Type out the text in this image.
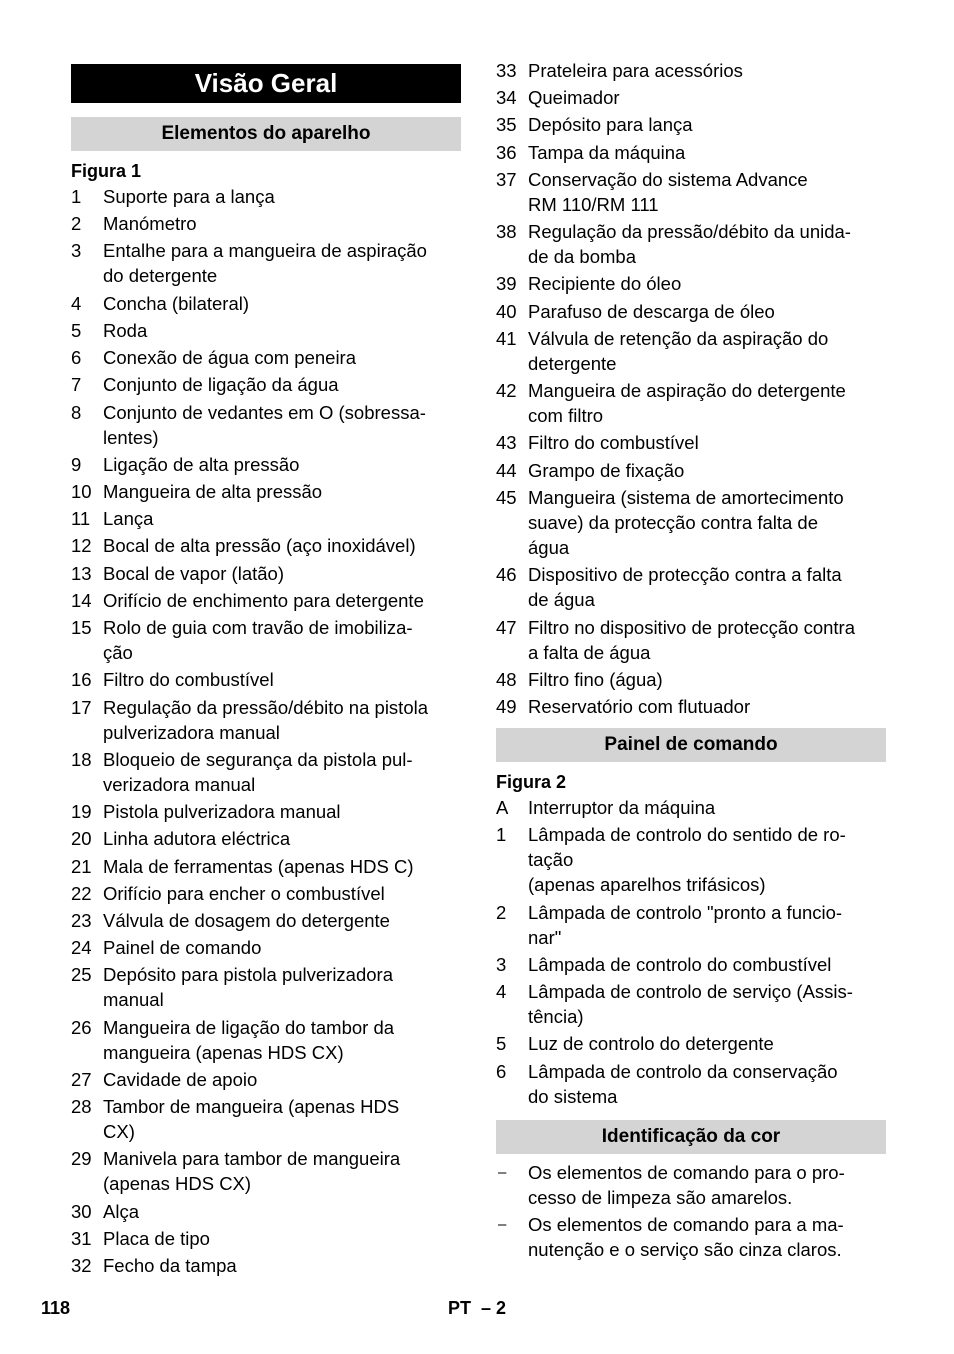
Visão Geral
Elementos do aparelho
Figura 1
1 Suporte para a lança
2 Manómetro
3 Entalhe para a mangueira de aspiração
do detergente
4 Concha (bilateral)
5 Roda
6 Conexão de água com peneira
7 Conjunto de ligação da água
8 Conjunto de vedantes em O (sobressa-
lentes)
9 Ligação de alta pressão
10 Mangueira de alta pressão
11 Lança
12 Bocal de alta pressão (aço inoxidável)
13 Bocal de vapor (latão)
14 Orifício de enchimento para detergente
15 Rolo de guia com travão de imobiliza-
ção
16 Filtro do combustível
17 Regulação da pressão/débito na pistola
pulverizadora manual
18 Bloqueio de segurança da pistola pul-
verizadora manual
19 Pistola pulverizadora manual
20 Linha adutora eléctrica
21 Mala de ferramentas (apenas HDS C)
22 Orifício para encher o combustível
23 Válvula de dosagem do detergente
24 Painel de comando
25 Depósito para pistola pulverizadora
manual
26 Mangueira de ligação do tambor da
mangueira (apenas HDS CX)
27 Cavidade de apoio
28 Tambor de mangueira (apenas HDS
CX)
29 Manivela para tambor de mangueira
(apenas HDS CX)
30 Alça
31 Placa de tipo
32 Fecho da tampa
33 Prateleira para acessórios
34 Queimador
35 Depósito para lança
36 Tampa da máquina
37 Conservação do sistema Advance
RM 110/RM 111
38 Regulação da pressão/débito da unida-
de da bomba
39 Recipiente do óleo
40 Parafuso de descarga de óleo
41 Válvula de retenção da aspiração do
detergente
42 Mangueira de aspiração do detergente
com filtro
43 Filtro do combustível
44 Grampo de fixação
45 Mangueira (sistema de amortecimento
suave) da protecção contra falta de
água
46 Dispositivo de protecção contra a falta
de água
47 Filtro no dispositivo de protecção contra
a falta de água
48 Filtro fino (água)
49 Reservatório com flutuador
Painel de comando
Figura 2
A Interruptor da máquina
1 Lâmpada de controlo do sentido de ro-
tação
(apenas aparelhos trifásicos)
2 Lâmpada de controlo "pronto a funcio-
nar"
3 Lâmpada de controlo do combustível
4 Lâmpada de controlo de serviço (Assis-
tência)
5 Luz de controlo do detergente
6 Lâmpada de controlo da conservação
do sistema
Identificação da cor
– Os elementos de comando para o pro-
cesso de limpeza são amarelos.
– Os elementos de comando para a ma-
nutenção e o serviço são cinza claros.
118	PT  – 2
